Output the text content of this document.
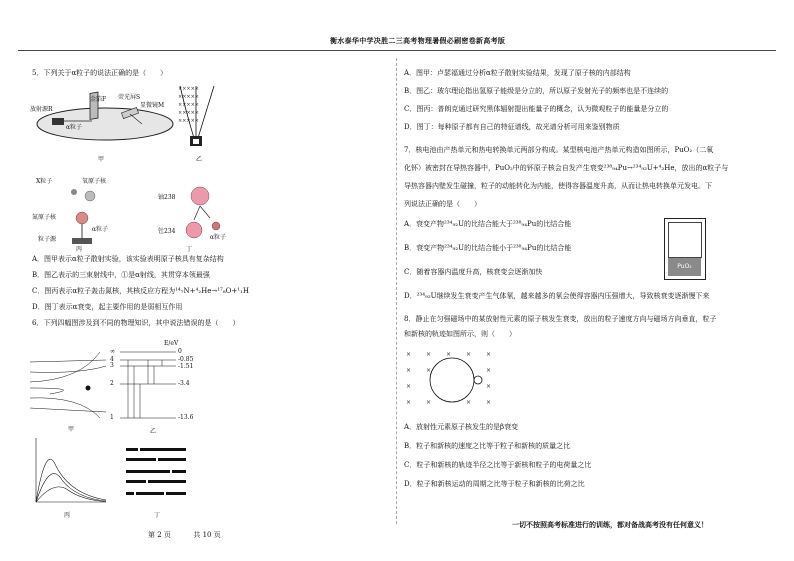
衡水泰华中学决胜二三高考物理暑假必刷密卷新高考版

5．下列关于α粒子的说法正确的是（　　）

放射源R
金箔F 荧光屏S
显微镜M
α粒子
甲
×××××
×××××
×××××
×××××
×××××
乙
X粒子	氧原子核
氮原子核
α粒子
粒子源
丙
铀238
钍234
α粒子
丁
A．图甲表示α粒子散射实验，该实验表明原子核具有复杂结构
B．图乙表示的三束射线中，①是α射线，其贯穿本领最强
C．图丙表示α粒子轰击氮核，其核反应方程为¹⁴₇N+⁴₂He→¹⁷₈O+¹₁H
D．图丁表示α衰变，起主要作用的是弱相互作用
6．下列四幅图涉及到不同的物理知识，其中说法错误的是（　　）
甲
E/eV
∞
4
3
2
1
0
-0.85
-1.51
-3.4
-13.6
乙
丙	丁
第 2 页	共 10 页
A．图甲：卢瑟福通过分析α粒子散射实验结果，发现了原子核的内部结构
B．图乙：玻尔理论指出氢原子能级是分立的，所以原子发射光子的频率也是不连续的
C．图丙：普朗克通过研究黑体辐射提出能量子的概念，认为微观粒子的能量是分立的
D．图丁：每种原子都有自己的特征谱线，故光谱分析可用来鉴别物质
7．核电池由产热单元和热电转换单元两部分构成。某型核电池产热单元构造如图所示，PuO₂（二氧
化钚）被密封在导热容器中，PuO₂中的钚原子核会自发产生衰变²³⁸₉₄Pu→²³⁴₉₂U+⁴₂He，放出的α粒子与
导热容器内壁发生碰撞，粒子的动能转化为内能，使得容器温度升高，从而让热电转换单元发电。下
列说法正确的是（　　）
A．衰变产物²³⁴₉₂U的比结合能大于²³⁸₉₄Pu的比结合能
B．衰变产物²³⁴₉₂U的比结合能小于²³⁸₉₄Pu的比结合能
C．随着容器内温度升高，核衰变会逐渐加快
D．²³⁴₉₂U继续发生衰变产生气体氡，越来越多的氡会使得容器内压强增大，导致核衰变逐渐慢下来
PuO₂
8．静止在匀强磁场中的某放射性元素的原子核发生衰变，放出的粒子速度方向与磁场方向垂直，粒子
和新核的轨迹如图所示，则（　　）
× × × × ×
× ×	×
×	×
× ×	× ×
A．放射性元素原子核发生的是β衰变
B．粒子和新核的速度之比等于粒子和新核的质量之比
C．粒子和新核的轨迹半径之比等于新核和粒子的电荷量之比
D．粒子和新核运动的周期之比等于粒子和新核的比荷之比
一切不按照高考标准进行的训练，都对备战高考没有任何意义！
